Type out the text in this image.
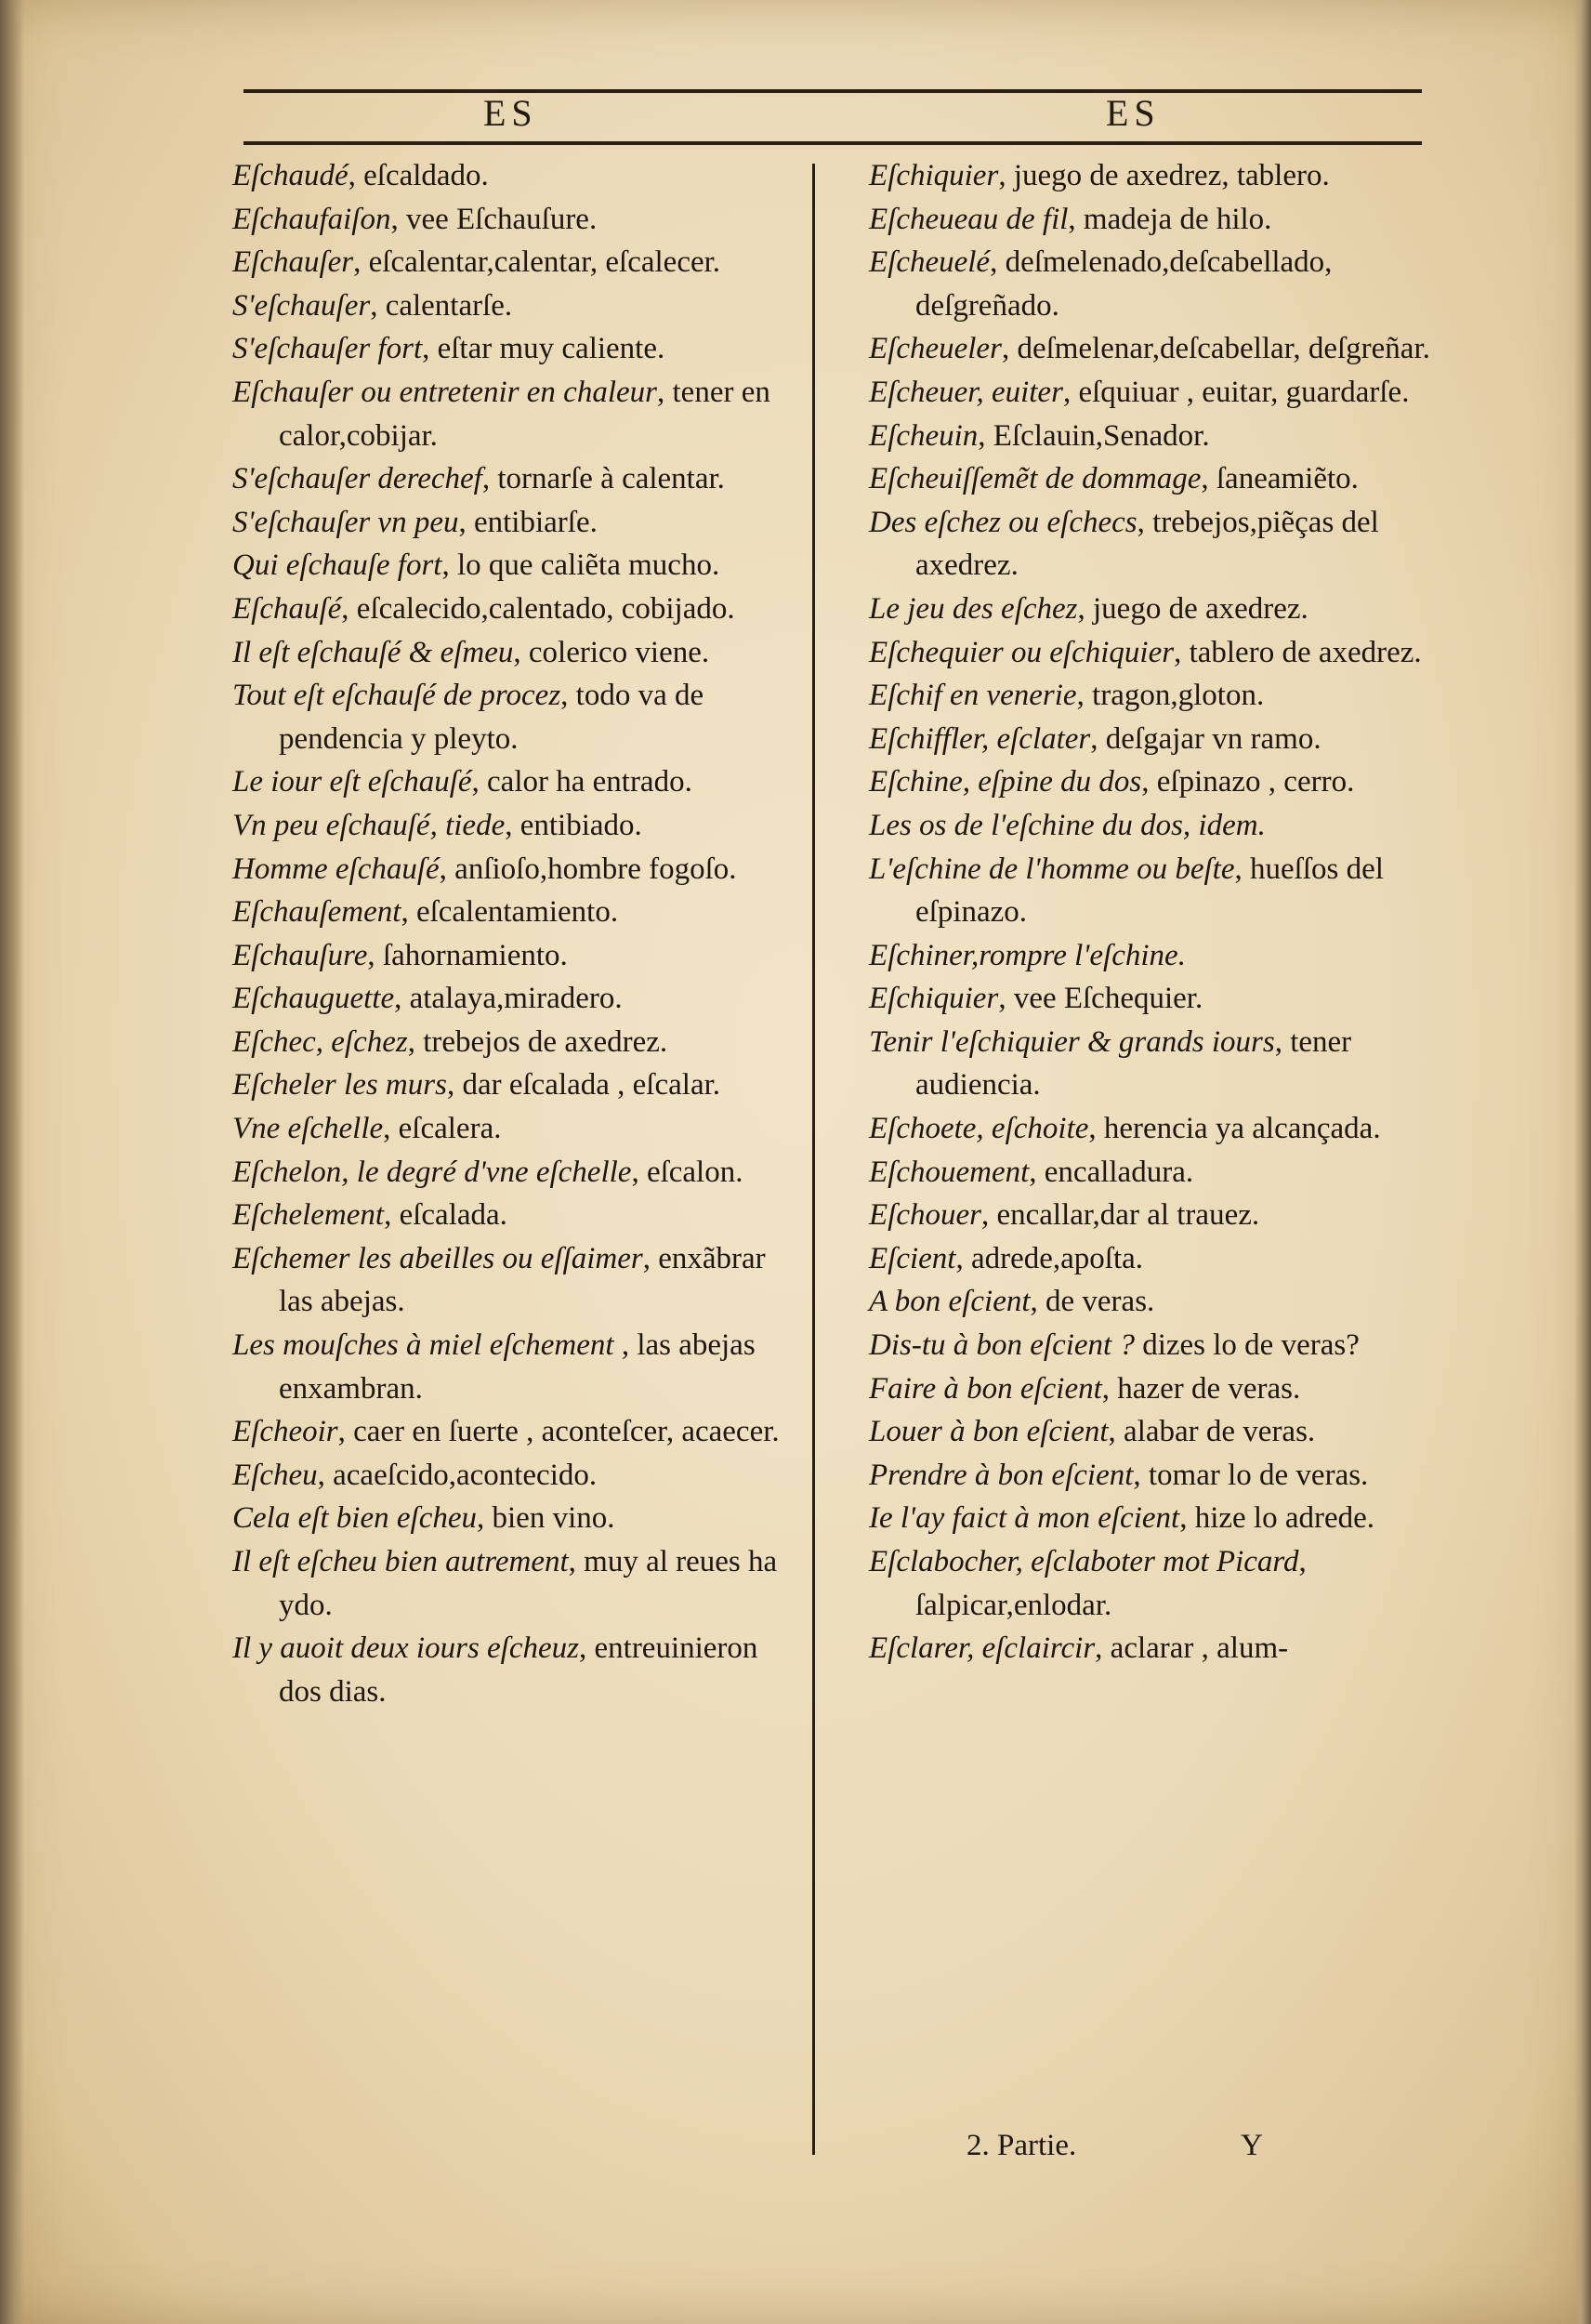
ES	ES

Eſchaudé, eſcaldado.

Eſchaufaiſon, vee Eſchauſure.

Eſchauſer, eſcalentar,calentar, eſcalecer.

S'eſchauſer, calentarſe.

S'eſchauſer fort, eſtar muy caliente.

Eſchauſer ou entretenir en chaleur, tener en calor,cobijar.

S'eſchauſer derechef, tornarſe à calentar.

S'eſchauſer vn peu, entibiarſe.

Qui eſchauſe fort, lo que caliẽta mucho.

Eſchauſé, eſcalecido,calentado, cobijado.

Il eſt eſchauſé & eſmeu, colerico viene.

Tout eſt eſchauſé de procez, todo va de pendencia y pleyto.

Le iour eſt eſchauſé, calor ha entrado.

Vn peu eſchauſé, tiede, entibiado.

Homme eſchauſé, anſioſo,hombre fogoſo.

Eſchauſement, eſcalentamiento.

Eſchauſure, ſahornamiento.

Eſchauguette, atalaya,miradero.

Eſchec, eſchez, trebejos de axedrez.

Eſcheler les murs, dar eſcalada , eſcalar.

Vne eſchelle, eſcalera.

Eſchelon, le degré d'vne eſchelle, eſcalon.

Eſchelement, eſcalada.

Eſchemer les abeilles ou eſſaimer, enxãbrar las abejas.

Les mouſches à miel eſchement , las abejas enxambran.

Eſcheoir, caer en ſuerte , aconteſcer, acaecer.

Eſcheu, acaeſcido,acontecido.

Cela eſt bien eſcheu, bien vino.

Il eſt eſcheu bien autrement, muy al reues ha ydo.

Il y auoit deux iours eſcheuz, entreuinieron dos dias.

Eſchiquier, juego de axedrez, tablero.

Eſcheueau de fil, madeja de hilo.

Eſcheuelé, deſmelenado,deſcabellado, deſgreñado.

Eſcheueler, deſmelenar,deſcabellar, deſgreñar.

Eſcheuer, euiter, eſquiuar , euitar, guardarſe.

Eſcheuin, Eſclauin,Senador.

Eſcheuiſſemẽt de dommage, ſaneamiẽto.

Des eſchez ou eſchecs, trebejos,piẽças del axedrez.

Le jeu des eſchez, juego de axedrez.

Eſchequier ou eſchiquier, tablero de axedrez.

Eſchif en venerie, tragon,gloton.

Eſchiffler, eſclater, deſgajar vn ramo.

Eſchine, eſpine du dos, eſpinazo , cerro.

Les os de l'eſchine du dos, idem.

L'eſchine de l'homme ou beſte, hueſſos del eſpinazo.

Eſchiner,rompre l'eſchine.

Eſchiquier, vee Eſchequier.

Tenir l'eſchiquier & grands iours, tener audiencia.

Eſchoete, eſchoite, herencia ya alcançada.

Eſchouement, encalladura.

Eſchouer, encallar,dar al trauez.

Eſcient, adrede,apoſta.

A bon eſcient, de veras.

Dis-tu à bon eſcient ? dizes lo de veras?

Faire à bon eſcient, hazer de veras.

Louer à bon eſcient, alabar de veras.

Prendre à bon eſcient, tomar lo de veras.

Ie l'ay faict à mon eſcient, hize lo adrede.

Eſclabocher, eſclaboter mot Picard, ſalpicar,enlodar.

Eſclarer, eſclaircir, aclarar , alum-

2. Partie.	Y
